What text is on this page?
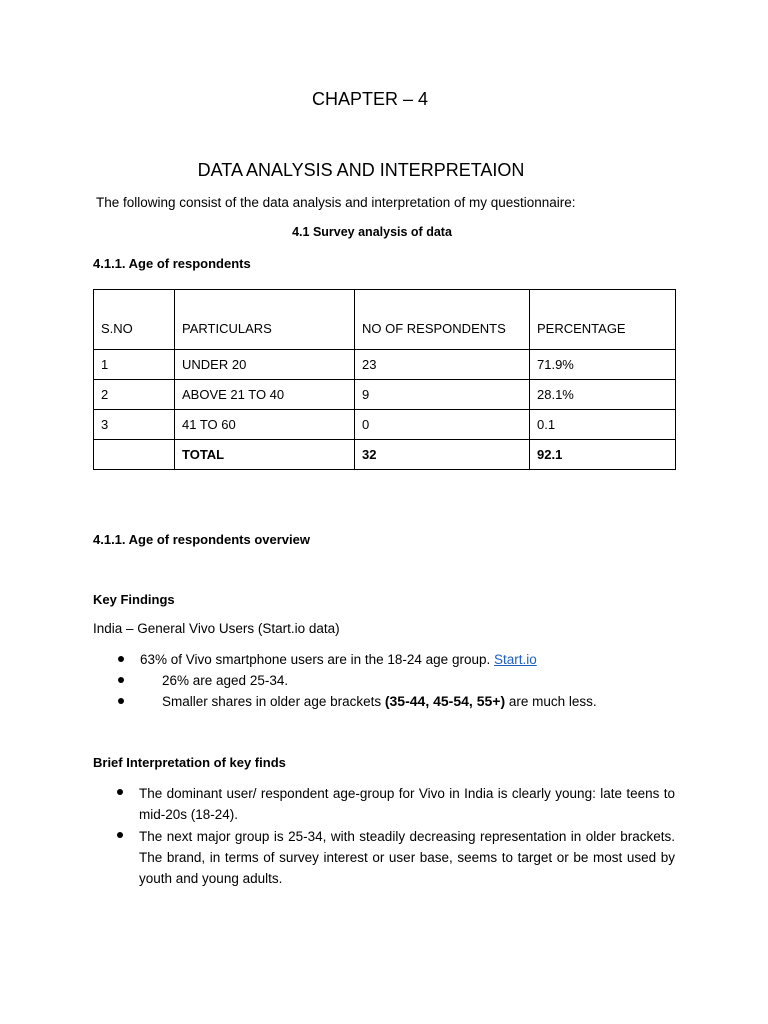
CHAPTER – 4
DATA ANALYSIS AND INTERPRETAION
The following consist of the data analysis and interpretation of my questionnaire:
4.1 Survey analysis of data
4.1.1. Age of respondents
S.NO	PARTICULARS	NO OF RESPONDENTS	PERCENTAGE
1	UNDER 20	23	71.9%
2	ABOVE 21 TO 40	9	28.1%
3	41 TO 60	0	0.1
	TOTAL	32	92.1
4.1.1. Age of respondents overview
Key Findings
India – General Vivo Users (Start.io data)
63% of Vivo smartphone users are in the 18-24 age group. Start.io
26% are aged 25-34.
Smaller shares in older age brackets (35-44, 45-54, 55+) are much less.
Brief Interpretation of key finds
The dominant user/ respondent age-group for Vivo in India is clearly young: late teens to mid-20s (18-24).
The next major group is 25-34, with steadily decreasing representation in older brackets. The brand, in terms of survey interest or user base, seems to target or be most used by youth and young adults.
